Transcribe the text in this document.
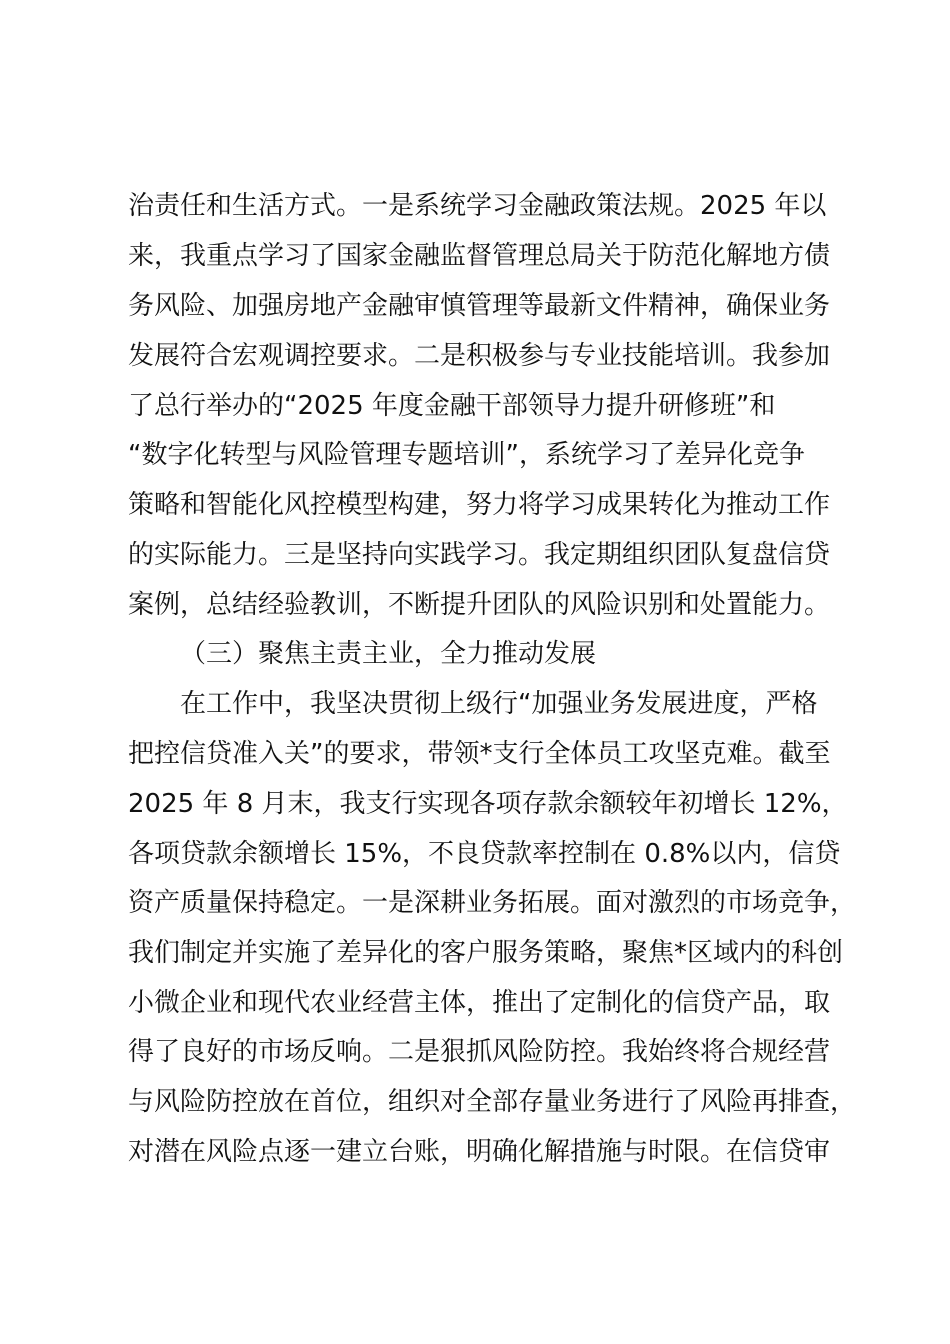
治责任和生活方式。一是系统学习金融政策法规。2025 年以
来，我重点学习了国家金融监督管理总局关于防范化解地方债
务风险、加强房地产金融审慎管理等最新文件精神，确保业务
发展符合宏观调控要求。二是积极参与专业技能培训。我参加
了总行举办的“2025 年度金融干部领导力提升研修班”和
“数字化转型与风险管理专题培训”，系统学习了差异化竞争
策略和智能化风控模型构建，努力将学习成果转化为推动工作
的实际能力。三是坚持向实践学习。我定期组织团队复盘信贷
案例，总结经验教训，不断提升团队的风险识别和处置能力。
（三）聚焦主责主业，全力推动发展
在工作中，我坚决贯彻上级行“加强业务发展进度，严格
把控信贷准入关”的要求，带领*支行全体员工攻坚克难。截至
2025 年 8 月末，我支行实现各项存款余额较年初增长 12%，
各项贷款余额增长 15%，不良贷款率控制在 0.8%以内，信贷
资产质量保持稳定。一是深耕业务拓展。面对激烈的市场竞争，
我们制定并实施了差异化的客户服务策略，聚焦*区域内的科创
小微企业和现代农业经营主体，推出了定制化的信贷产品，取
得了良好的市场反响。二是狠抓风险防控。我始终将合规经营
与风险防控放在首位，组织对全部存量业务进行了风险再排查，
对潜在风险点逐一建立台账，明确化解措施与时限。在信贷审
